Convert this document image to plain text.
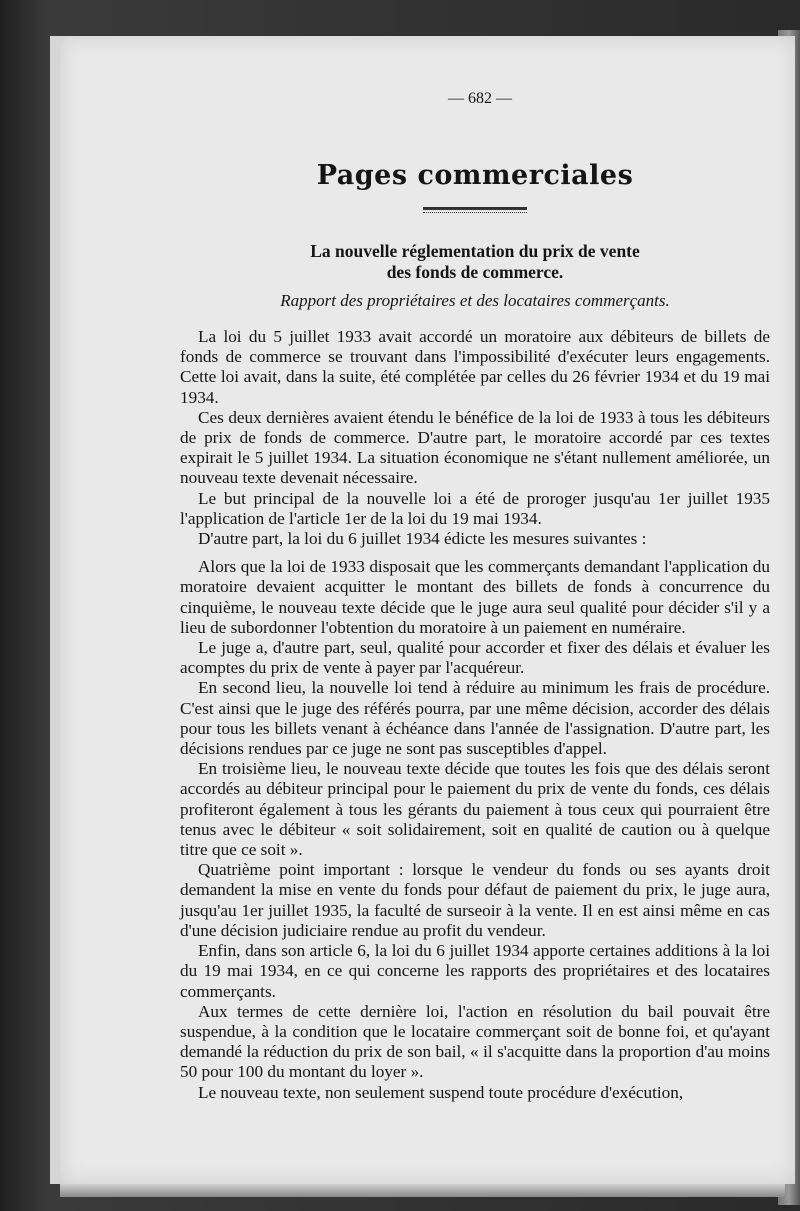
— 682 —
Pages commerciales
La nouvelle réglementation du prix de vente
des fonds de commerce.
Rapport des propriétaires et des locataires commerçants.

La loi du 5 juillet 1933 avait accordé un moratoire aux débiteurs de billets de fonds de commerce se trouvant dans l'impossibilité d'exécuter leurs engagements. Cette loi avait, dans la suite, été complétée par celles du 26 février 1934 et du 19 mai 1934.

Ces deux dernières avaient étendu le bénéfice de la loi de 1933 à tous les débiteurs de prix de fonds de commerce. D'autre part, le moratoire accordé par ces textes expirait le 5 juillet 1934. La situation économique ne s'étant nullement améliorée, un nouveau texte devenait nécessaire.

Le but principal de la nouvelle loi a été de proroger jusqu'au 1er juillet 1935 l'application de l'article 1er de la loi du 19 mai 1934.

D'autre part, la loi du 6 juillet 1934 édicte les mesures suivantes :

Alors que la loi de 1933 disposait que les commerçants demandant l'application du moratoire devaient acquitter le montant des billets de fonds à concurrence du cinquième, le nouveau texte décide que le juge aura seul qualité pour décider s'il y a lieu de subordonner l'obtention du moratoire à un paiement en numéraire.

Le juge a, d'autre part, seul, qualité pour accorder et fixer des délais et évaluer les acomptes du prix de vente à payer par l'acquéreur.

En second lieu, la nouvelle loi tend à réduire au minimum les frais de procédure. C'est ainsi que le juge des référés pourra, par une même décision, accorder des délais pour tous les billets venant à échéance dans l'année de l'assignation. D'autre part, les décisions rendues par ce juge ne sont pas susceptibles d'appel.

En troisième lieu, le nouveau texte décide que toutes les fois que des délais seront accordés au débiteur principal pour le paiement du prix de vente du fonds, ces délais profiteront également à tous les gérants du paiement à tous ceux qui pourraient être tenus avec le débiteur « soit solidairement, soit en qualité de caution ou à quelque titre que ce soit ».

Quatrième point important : lorsque le vendeur du fonds ou ses ayants droit demandent la mise en vente du fonds pour défaut de paiement du prix, le juge aura, jusqu'au 1er juillet 1935, la faculté de surseoir à la vente. Il en est ainsi même en cas d'une décision judiciaire rendue au profit du vendeur.

Enfin, dans son article 6, la loi du 6 juillet 1934 apporte certaines additions à la loi du 19 mai 1934, en ce qui concerne les rapports des propriétaires et des locataires commerçants.

Aux termes de cette dernière loi, l'action en résolution du bail pouvait être suspendue, à la condition que le locataire commerçant soit de bonne foi, et qu'ayant demandé la réduction du prix de son bail, « il s'acquitte dans la proportion d'au moins 50 pour 100 du montant du loyer ».

Le nouveau texte, non seulement suspend toute procédure d'exécution,
